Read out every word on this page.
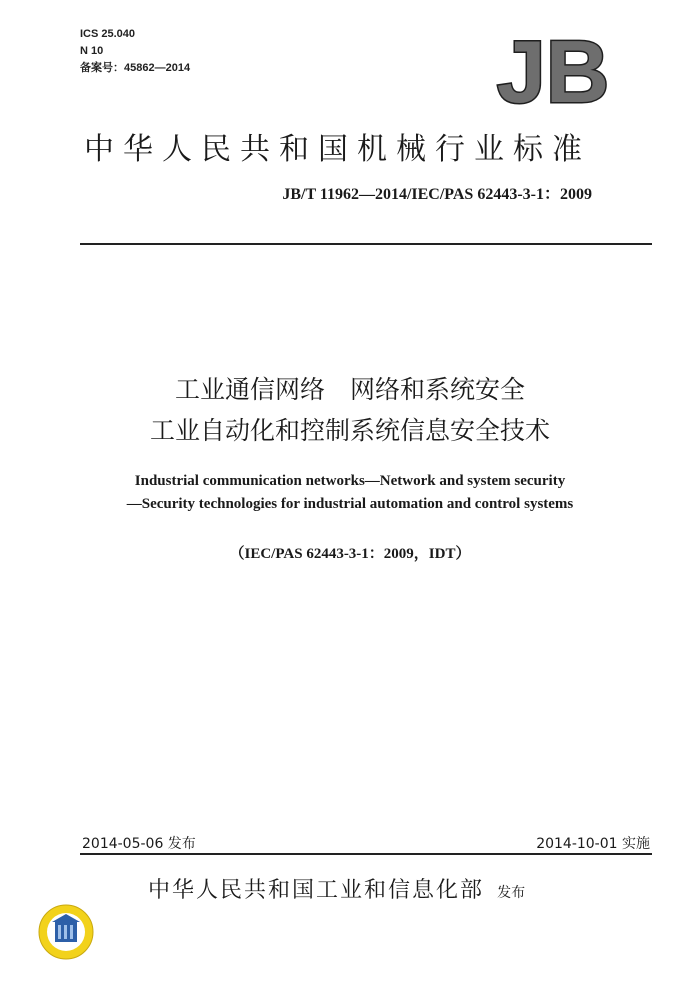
ICS 25.040
N 10
备案号：45862—2014	JB
中华人民共和国机械行业标准
JB/T 11962—2014/IEC/PAS 62443-3-1：2009
工业通信网络　网络和系统安全
工业自动化和控制系统信息安全技术
Industrial communication networks—Network and system security
—Security technologies for industrial automation and control systems
（IEC/PAS 62443-3-1：2009，IDT）
2014-05-06 发布	2014-10-01 实施
中华人民共和国工业和信息化部 发布
